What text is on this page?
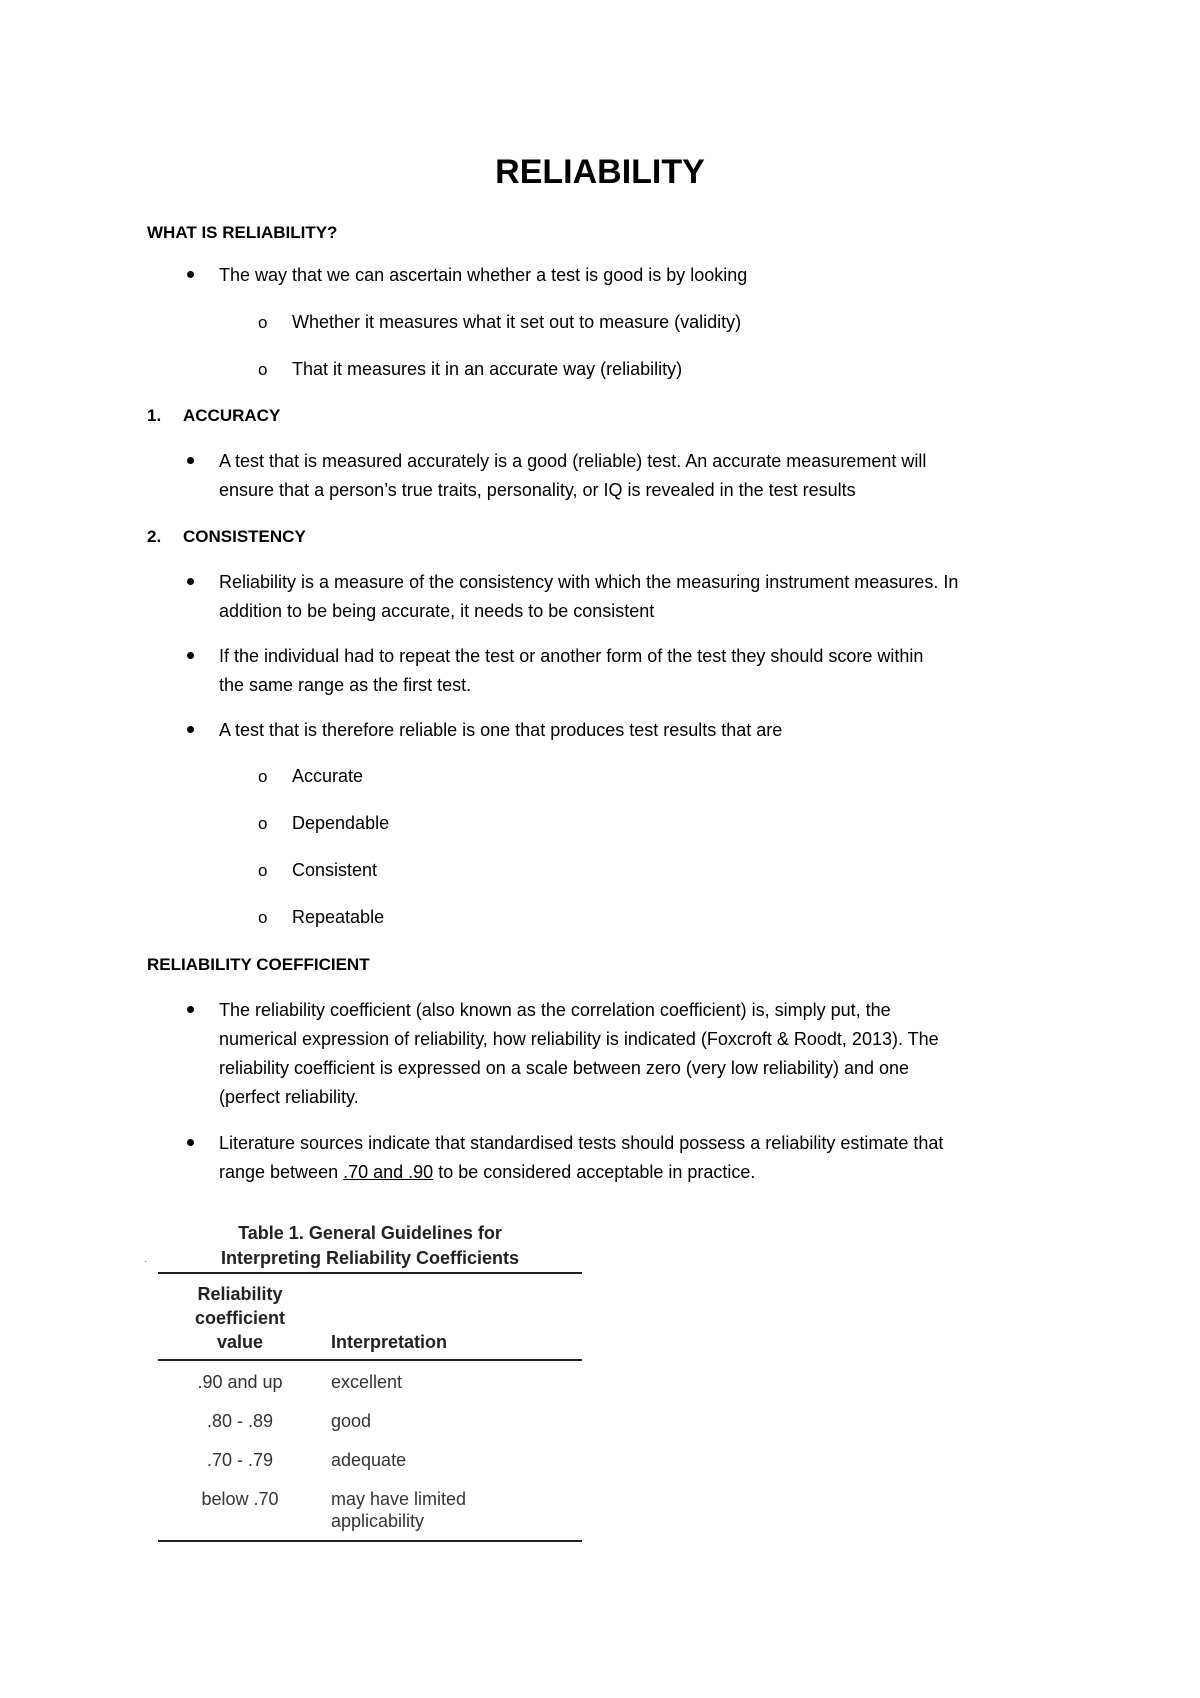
RELIABILITY
WHAT IS RELIABILITY?
The way that we can ascertain whether a test is good is by looking
o Whether it measures what it set out to measure (validity)
o That it measures it in an accurate way (reliability)
1. ACCURACY
A test that is measured accurately is a good (reliable) test. An accurate measurement will
ensure that a person’s true traits, personality, or IQ is revealed in the test results
2. CONSISTENCY
Reliability is a measure of the consistency with which the measuring instrument measures. In
addition to be being accurate, it needs to be consistent
If the individual had to repeat the test or another form of the test they should score within
the same range as the first test.
A test that is therefore reliable is one that produces test results that are
o Accurate
o Dependable
o Consistent
o Repeatable
RELIABILITY COEFFICIENT
The reliability coefficient (also known as the correlation coefficient) is, simply put, the
numerical expression of reliability, how reliability is indicated (Foxcroft & Roodt, 2013). The
reliability coefficient is expressed on a scale between zero (very low reliability) and one
(perfect reliability.
Literature sources indicate that standardised tests should possess a reliability estimate that
range between .70 and .90 to be considered acceptable in practice.
Table 1. General Guidelines for
Interpreting Reliability Coefficients
·
Reliability
coefficient
value	Interpretation
.90 and up	excellent
.80 - .89	good
.70 - .79	adequate
below .70	may have limited
applicability
